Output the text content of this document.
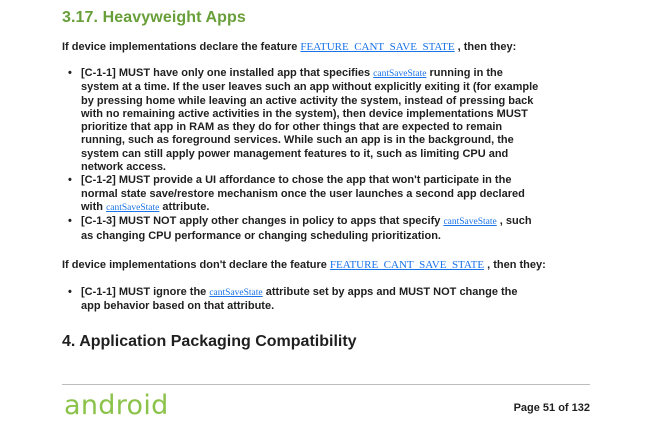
3.17. Heavyweight Apps

If device implementations declare the feature FEATURE_CANT_SAVE_STATE , then they:

• [C-1-1] MUST have only one installed app that specifies cantSaveState running in the system at a time. If the user leaves such an app without explicitly exiting it (for example by pressing home while leaving an active activity the system, instead of pressing back with no remaining active activities in the system), then device implementations MUST prioritize that app in RAM as they do for other things that are expected to remain running, such as foreground services. While such an app is in the background, the system can still apply power management features to it, such as limiting CPU and network access.
• [C-1-2] MUST provide a UI affordance to chose the app that won't participate in the normal state save/restore mechanism once the user launches a second app declared with cantSaveState attribute.
• [C-1-3] MUST NOT apply other changes in policy to apps that specify cantSaveState , such as changing CPU performance or changing scheduling prioritization.

If device implementations don't declare the feature FEATURE_CANT_SAVE_STATE , then they:

• [C-1-1] MUST ignore the cantSaveState attribute set by apps and MUST NOT change the app behavior based on that attribute.
4. Application Packaging Compatibility
android	Page 51 of 132
